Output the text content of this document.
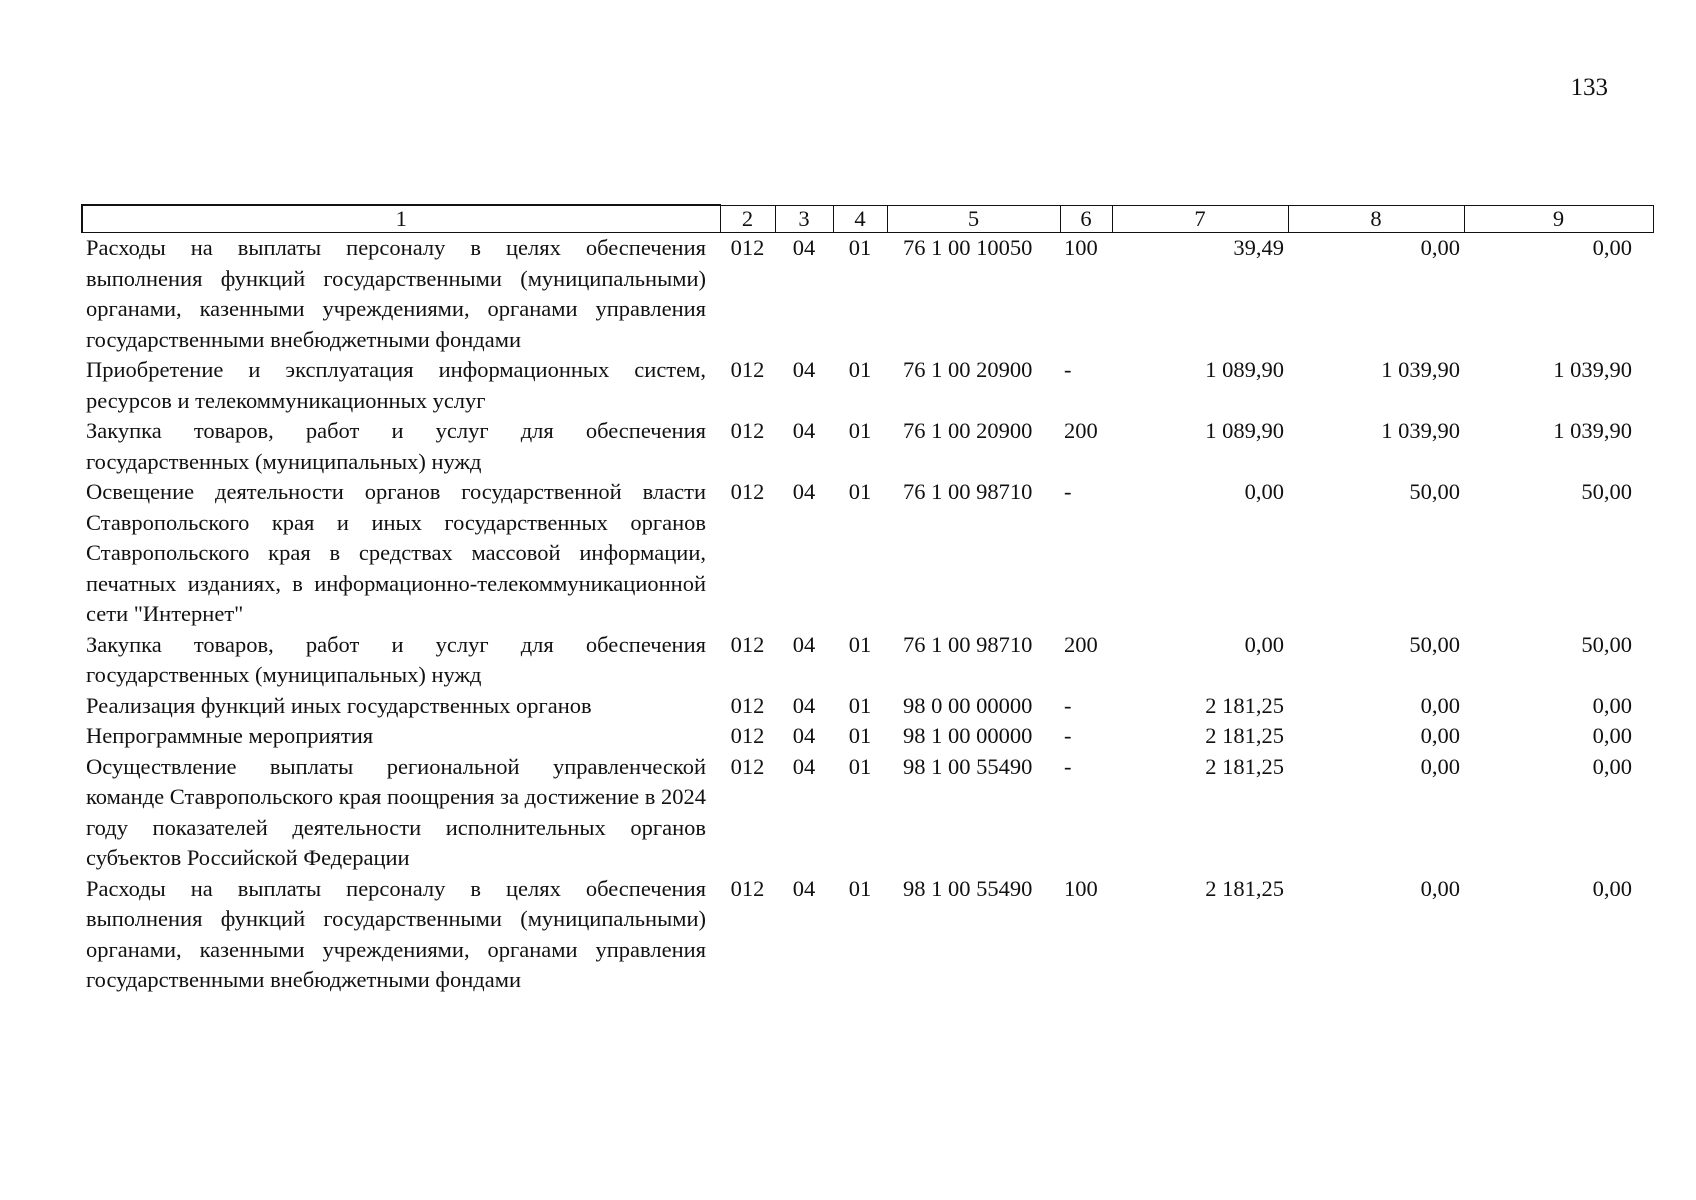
133
1	2	3	4	5	6	7	8	9
Расходы на выплаты персоналу в целях обеспечения выполнения функций государственными (муниципальными) органами, казенными учреждениями, органами управления государственными внебюджетными фондами	012	04	01	76 1 00 10050	100	39,49	0,00	0,00
Приобретение и эксплуатация информационных систем, ресурсов и телекоммуникационных услуг	012	04	01	76 1 00 20900	-	1 089,90	1 039,90	1 039,90
Закупка товаров, работ и услуг для обеспечения государственных (муниципальных) нужд	012	04	01	76 1 00 20900	200	1 089,90	1 039,90	1 039,90
Освещение деятельности органов государственной власти Ставропольского края и иных государственных органов Ставропольского края в средствах массовой информации, печатных изданиях, в информационно-телекоммуникационной сети "Интернет"	012	04	01	76 1 00 98710	-	0,00	50,00	50,00
Закупка товаров, работ и услуг для обеспечения государственных (муниципальных) нужд	012	04	01	76 1 00 98710	200	0,00	50,00	50,00
Реализация функций иных государственных органов	012	04	01	98 0 00 00000	-	2 181,25	0,00	0,00
Непрограммные мероприятия	012	04	01	98 1 00 00000	-	2 181,25	0,00	0,00
Осуществление выплаты региональной управленческой команде Ставропольского края поощрения за достижение в 2024 году показателей деятельности исполнительных органов субъектов Российской Федерации	012	04	01	98 1 00 55490	-	2 181,25	0,00	0,00
Расходы на выплаты персоналу в целях обеспечения выполнения функций государственными (муниципальными) органами, казенными учреждениями, органами управления государственными внебюджетными фондами	012	04	01	98 1 00 55490	100	2 181,25	0,00	0,00
